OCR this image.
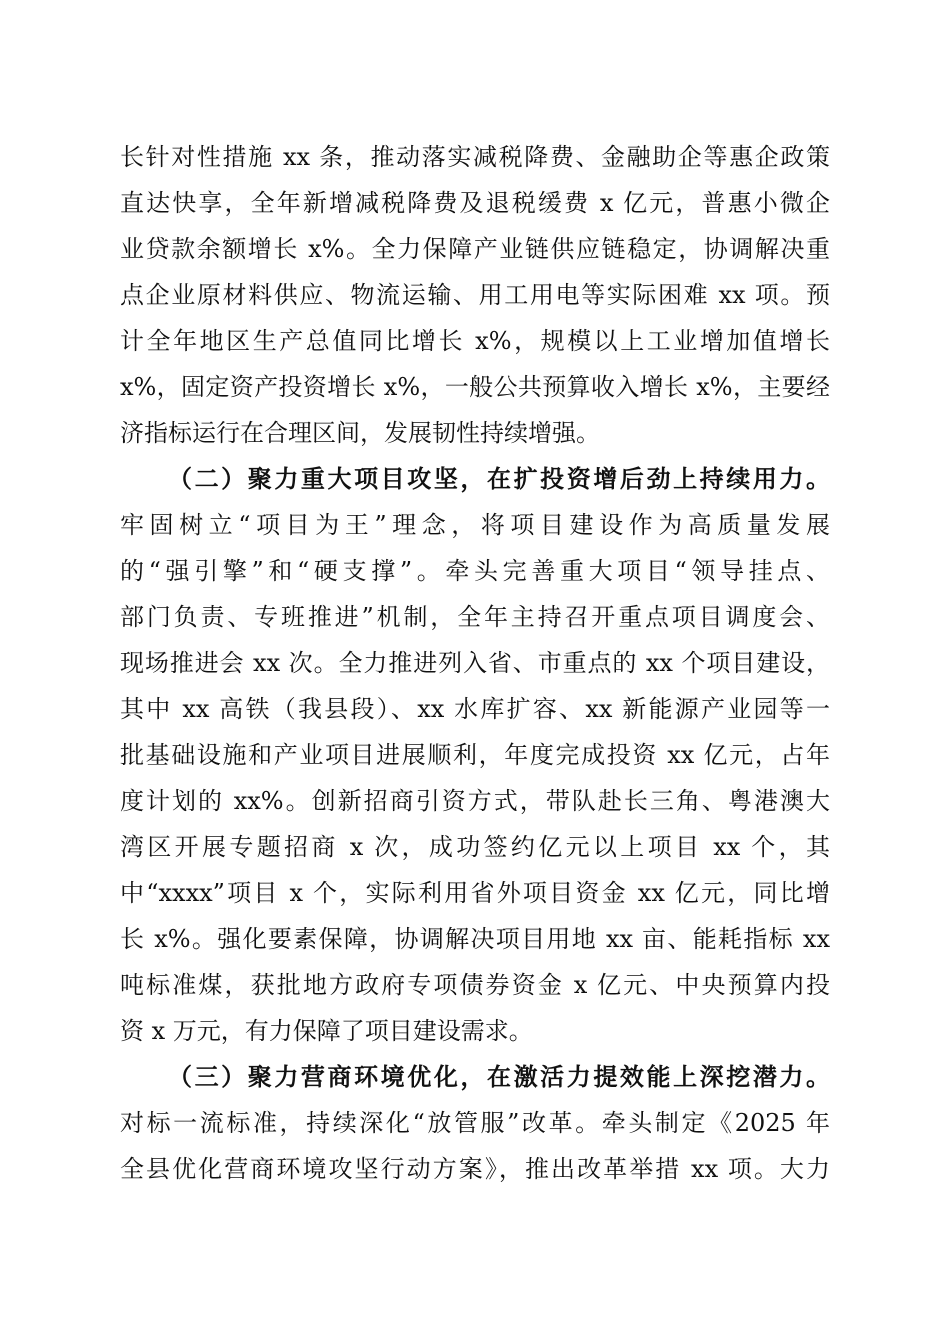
长针对性措施 xx 条，推动落实减税降费、金融助企等惠企政策
直达快享，全年新增减税降费及退税缓费 x 亿元，普惠小微企
业贷款余额增长 x%。全力保障产业链供应链稳定，协调解决重
点企业原材料供应、物流运输、用工用电等实际困难 xx 项。预
计全年地区生产总值同比增长 x%，规模以上工业增加值增长
x%，固定资产投资增长 x%，一般公共预算收入增长 x%，主要经
济指标运行在合理区间，发展韧性持续增强。
（二）聚力重大项目攻坚，在扩投资增后劲上持续用力。
牢固树立“项目为王”理念，将项目建设作为高质量发展
的“强引擎”和“硬支撑”。牵头完善重大项目“领导挂点、
部门负责、专班推进”机制，全年主持召开重点项目调度会、
现场推进会 xx 次。全力推进列入省、市重点的 xx 个项目建设，
其中 xx 高铁（我县段）、xx 水库扩容、xx 新能源产业园等一
批基础设施和产业项目进展顺利，年度完成投资 xx 亿元，占年
度计划的 xx%。创新招商引资方式，带队赴长三角、粤港澳大
湾区开展专题招商 x 次，成功签约亿元以上项目 xx 个，其
中“xxxx”项目 x 个，实际利用省外项目资金 xx 亿元，同比增
长 x%。强化要素保障，协调解决项目用地 xx 亩、能耗指标 xx
吨标准煤，获批地方政府专项债券资金 x 亿元、中央预算内投
资 x 万元，有力保障了项目建设需求。
（三）聚力营商环境优化，在激活力提效能上深挖潜力。
对标一流标准，持续深化“放管服”改革。牵头制定《2025 年
全县优化营商环境攻坚行动方案》，推出改革举措 xx 项。大力
